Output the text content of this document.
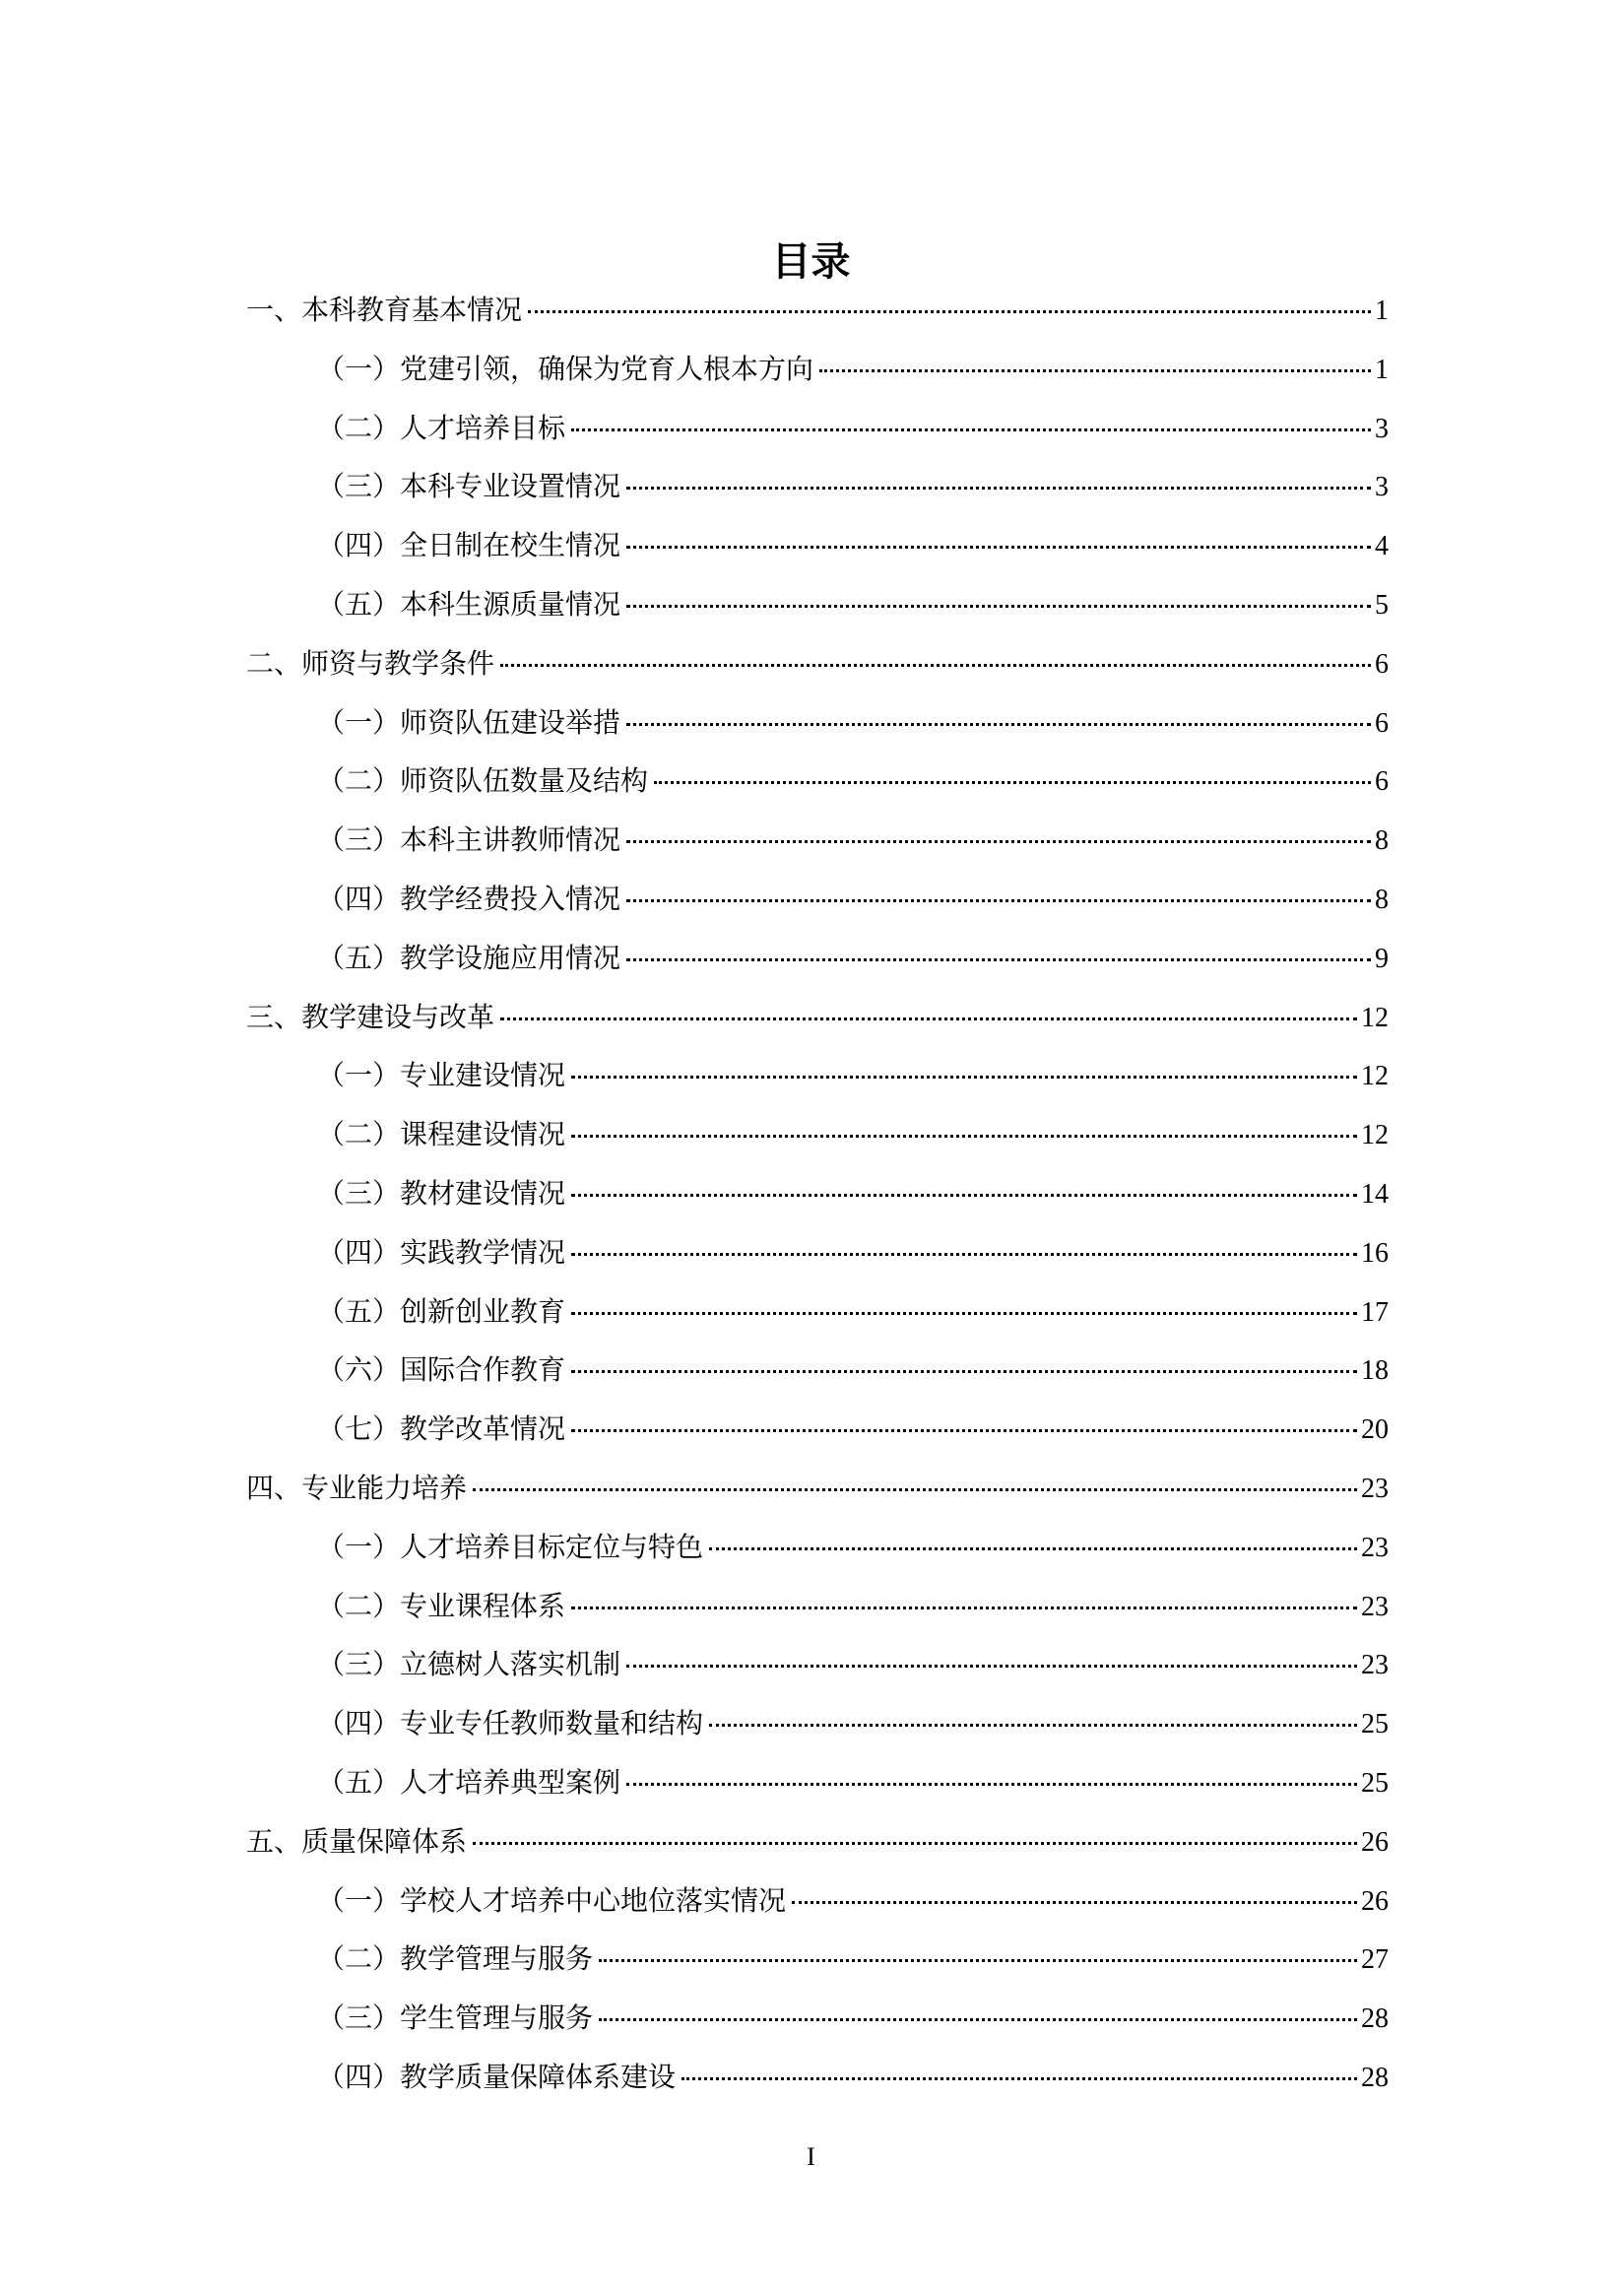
目录
一、本科教育基本情况	1
（一）党建引领，确保为党育人根本方向	1
（二）人才培养目标	3
（三）本科专业设置情况	3
（四）全日制在校生情况	4
（五）本科生源质量情况	5
二、师资与教学条件	6
（一）师资队伍建设举措	6
（二）师资队伍数量及结构	6
（三）本科主讲教师情况	8
（四）教学经费投入情况	8
（五）教学设施应用情况	9
三、教学建设与改革	12
（一）专业建设情况	12
（二）课程建设情况	12
（三）教材建设情况	14
（四）实践教学情况	16
（五）创新创业教育	17
（六）国际合作教育	18
（七）教学改革情况	20
四、专业能力培养	23
（一）人才培养目标定位与特色	23
（二）专业课程体系	23
（三）立德树人落实机制	23
（四）专业专任教师数量和结构	25
（五）人才培养典型案例	25
五、质量保障体系	26
（一）学校人才培养中心地位落实情况	26
（二）教学管理与服务	27
（三）学生管理与服务	28
（四）教学质量保障体系建设	28
I
